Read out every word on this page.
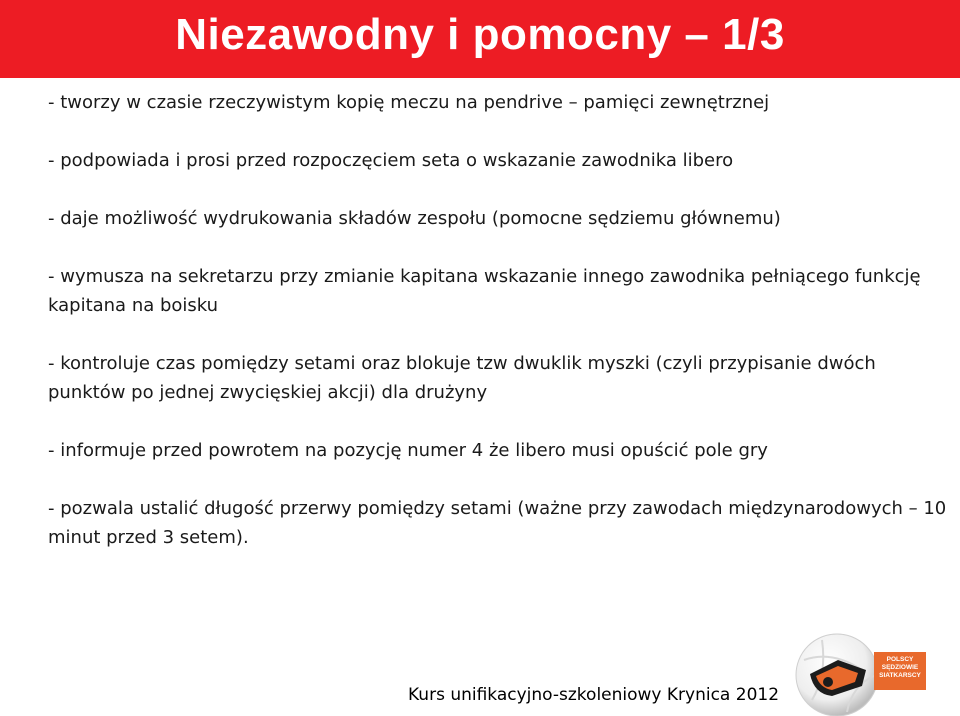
Niezawodny i pomocny – 1/3
- tworzy w czasie rzeczywistym kopię meczu na pendrive – pamięci zewnętrznej
- podpowiada i prosi przed rozpoczęciem seta o wskazanie zawodnika libero
- daje możliwość wydrukowania składów zespołu (pomocne sędziemu głównemu)
- wymusza na sekretarzu przy zmianie kapitana wskazanie innego zawodnika pełniącego funkcję kapitana na boisku
- kontroluje czas pomiędzy setami oraz blokuje tzw dwuklik myszki (czyli przypisanie dwóch punktów po jednej zwycięskiej akcji) dla drużyny
- informuje przed powrotem na pozycję numer 4 że libero musi opuścić pole gry
- pozwala ustalić długość przerwy pomiędzy setami (ważne przy zawodach międzynarodowych – 10 minut przed 3 setem).
Kurs unifikacyjno-szkoleniowy Krynica 2012
POLSCY
SĘDZIOWIE
SIATKARSCY
